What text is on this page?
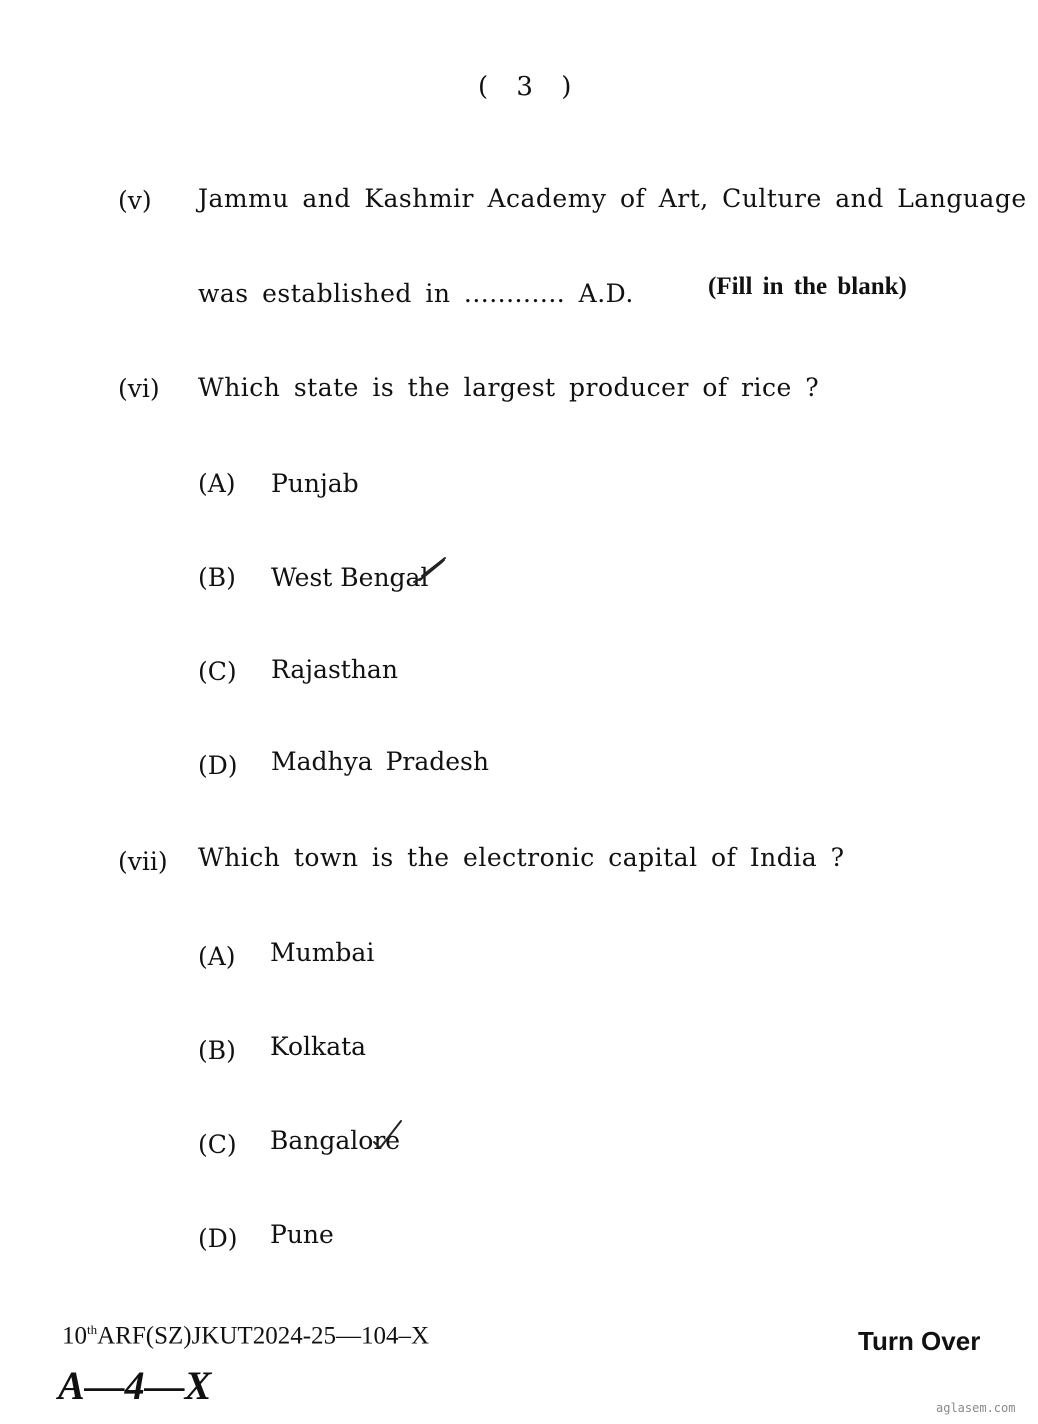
( 3 )
(v) Jammu and Kashmir Academy of Art, Culture and Language
was established in ............ A.D.	(Fill in the blank)
(vi) Which state is the largest producer of rice ?
(A) Punjab
(B) West Bengal
(C) Rajasthan
(D) Madhya Pradesh
(vii) Which town is the electronic capital of India ?
(A) Mumbai
(B) Kolkata
(C) Bangalore
(D) Pune
10thARF(SZ)JKUT2024-25—104–X
A—4—X
Turn Over
aglasem.com
